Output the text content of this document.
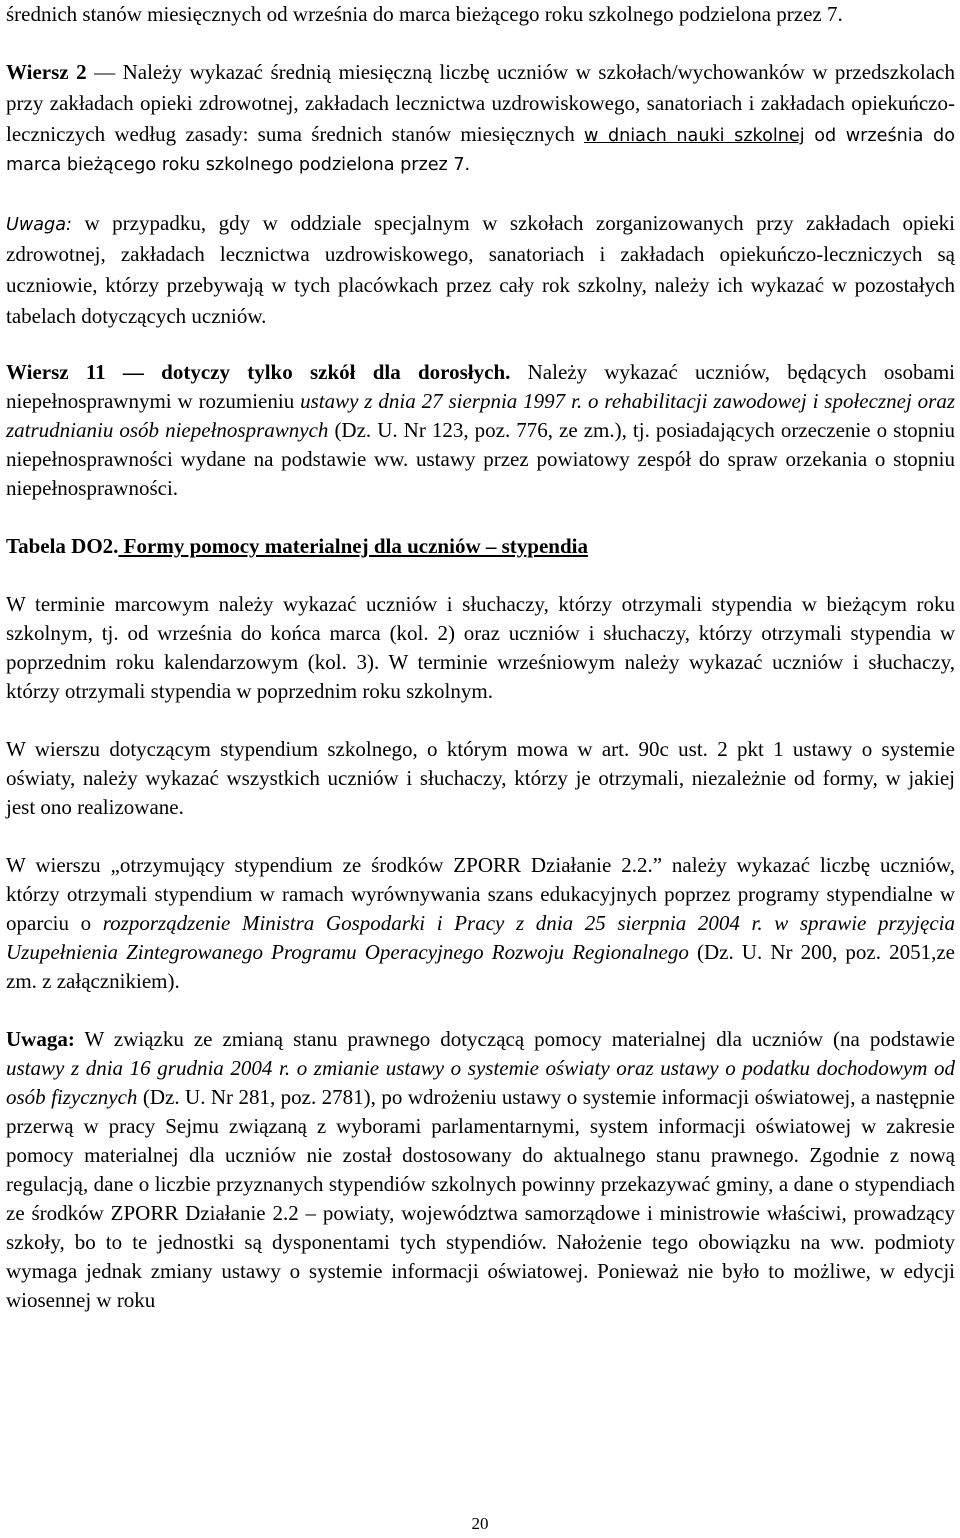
średnich stanów miesięcznych od września do marca bieżącego roku szkolnego podzielona przez 7.

Wiersz 2 — Należy wykazać średnią miesięczną liczbę uczniów w szkołach/wychowanków w przedszkolach przy zakładach opieki zdrowotnej, zakładach lecznictwa uzdrowiskowego, sanatoriach i zakładach opiekuńczo-leczniczych według zasady: suma średnich stanów miesięcznych w dniach nauki szkolnej od września do marca bieżącego roku szkolnego podzielona przez 7.

Uwaga: w przypadku, gdy w oddziale specjalnym w szkołach zorganizowanych przy zakładach opieki zdrowotnej, zakładach lecznictwa uzdrowiskowego, sanatoriach i zakładach opiekuńczo-leczniczych są uczniowie, którzy przebywają w tych placówkach przez cały rok szkolny, należy ich wykazać w pozostałych tabelach dotyczących uczniów.

Wiersz 11 — dotyczy tylko szkół dla dorosłych. Należy wykazać uczniów, będących osobami niepełnosprawnymi w rozumieniu ustawy z dnia 27 sierpnia 1997 r. o rehabilitacji zawodowej i społecznej oraz zatrudnianiu osób niepełnosprawnych (Dz. U. Nr 123, poz. 776, ze zm.), tj. posiadających orzeczenie o stopniu niepełnosprawności wydane na podstawie ww. ustawy przez powiatowy zespół do spraw orzekania o stopniu niepełnosprawności.

Tabela DO2. Formy pomocy materialnej dla uczniów – stypendia

W terminie marcowym należy wykazać uczniów i słuchaczy, którzy otrzymali stypendia w bieżącym roku szkolnym, tj. od września do końca marca (kol. 2) oraz uczniów i słuchaczy, którzy otrzymali stypendia w poprzednim roku kalendarzowym (kol. 3). W terminie wrześniowym należy wykazać uczniów i słuchaczy, którzy otrzymali stypendia w poprzednim roku szkolnym.

W wierszu dotyczącym stypendium szkolnego, o którym mowa w art. 90c ust. 2 pkt 1 ustawy o systemie oświaty, należy wykazać wszystkich uczniów i słuchaczy, którzy je otrzymali, niezależnie od formy, w jakiej jest ono realizowane.

W wierszu „otrzymujący stypendium ze środków ZPORR Działanie 2.2.” należy wykazać liczbę uczniów, którzy otrzymali stypendium w ramach wyrównywania szans edukacyjnych poprzez programy stypendialne w oparciu o rozporządzenie Ministra Gospodarki i Pracy z dnia 25 sierpnia 2004 r. w sprawie przyjęcia Uzupełnienia Zintegrowanego Programu Operacyjnego Rozwoju Regionalnego (Dz. U. Nr 200, poz. 2051,ze zm. z załącznikiem).

Uwaga: W związku ze zmianą stanu prawnego dotyczącą pomocy materialnej dla uczniów (na podstawie ustawy z dnia 16 grudnia 2004 r. o zmianie ustawy o systemie oświaty oraz ustawy o podatku dochodowym od osób fizycznych (Dz. U. Nr 281, poz. 2781), po wdrożeniu ustawy o systemie informacji oświatowej, a następnie przerwą w pracy Sejmu związaną z wyborami parlamentarnymi, system informacji oświatowej w zakresie pomocy materialnej dla uczniów nie został dostosowany do aktualnego stanu prawnego. Zgodnie z nową regulacją, dane o liczbie przyznanych stypendiów szkolnych powinny przekazywać gminy, a dane o stypendiach ze środków ZPORR Działanie 2.2 – powiaty, województwa samorządowe i ministrowie właściwi, prowadzący szkoły, bo to te jednostki są dysponentami tych stypendiów. Nałożenie tego obowiązku na ww. podmioty wymaga jednak zmiany ustawy o systemie informacji oświatowej. Ponieważ nie było to możliwe, w edycji wiosennej w roku

20
